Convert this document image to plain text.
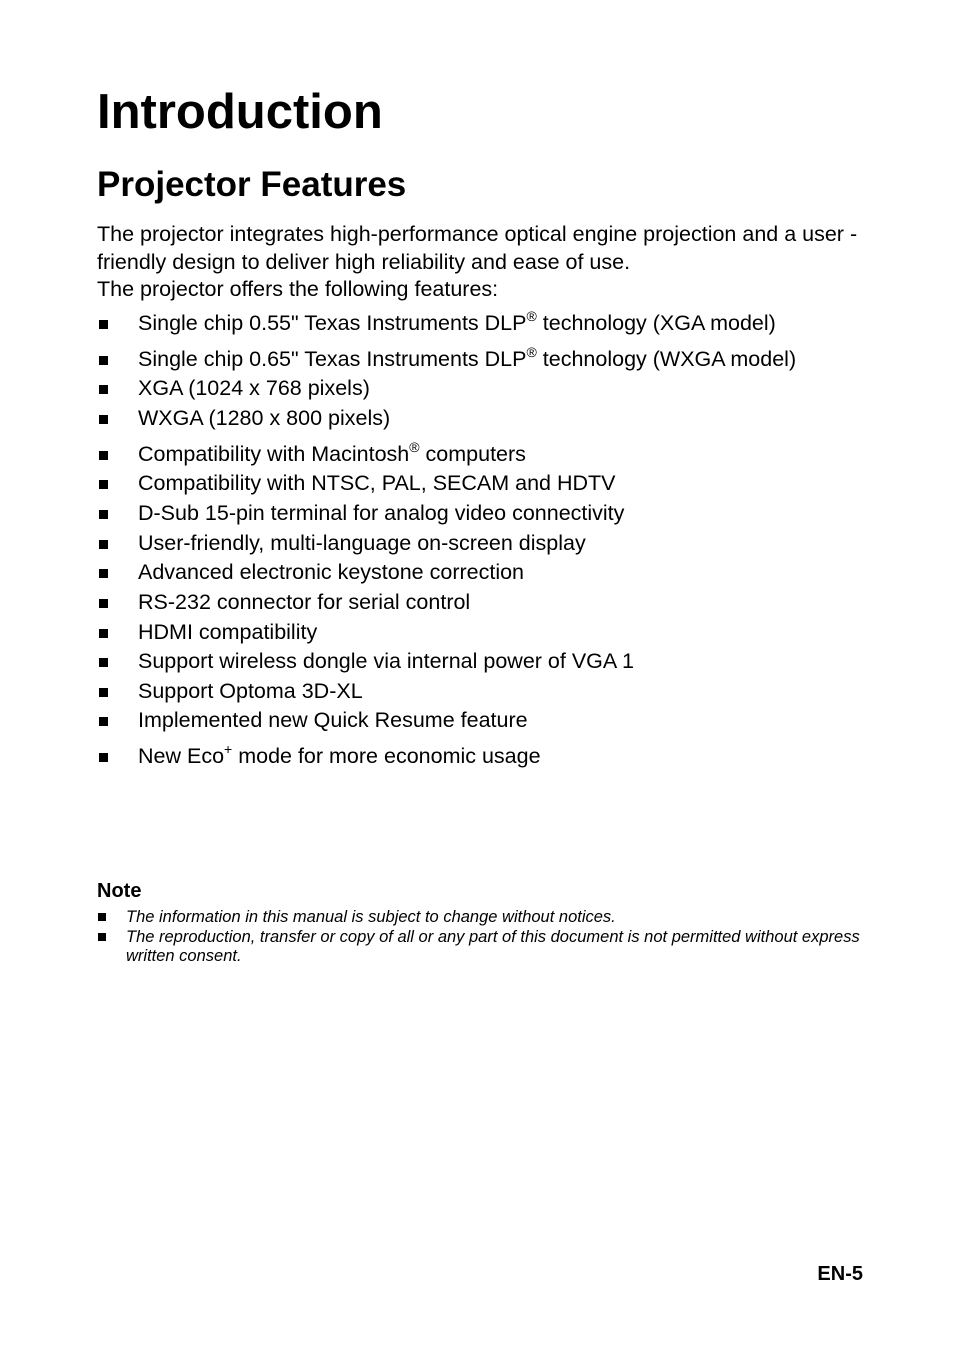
Introduction
Projector Features

The projector integrates high-performance optical engine projection and a user - friendly design to deliver high reliability and ease of use.

The projector offers the following features:

Single chip 0.55" Texas Instruments DLP® technology (XGA model)
Single chip 0.65" Texas Instruments DLP® technology (WXGA model)
XGA (1024 x 768 pixels)
WXGA (1280 x 800 pixels)
Compatibility with Macintosh® computers
Compatibility with NTSC, PAL, SECAM and HDTV
D-Sub 15-pin terminal for analog video connectivity
User-friendly, multi-language on-screen display
Advanced electronic keystone correction
RS-232 connector for serial control
HDMI compatibility
Support wireless dongle via internal power of VGA 1
Support Optoma 3D-XL
Implemented new Quick Resume feature
New Eco+ mode for more economic usage
Note
The information in this manual is subject to change without notices.
The reproduction, transfer or copy of all or any part of this document is not permitted without express written consent.
EN-5
